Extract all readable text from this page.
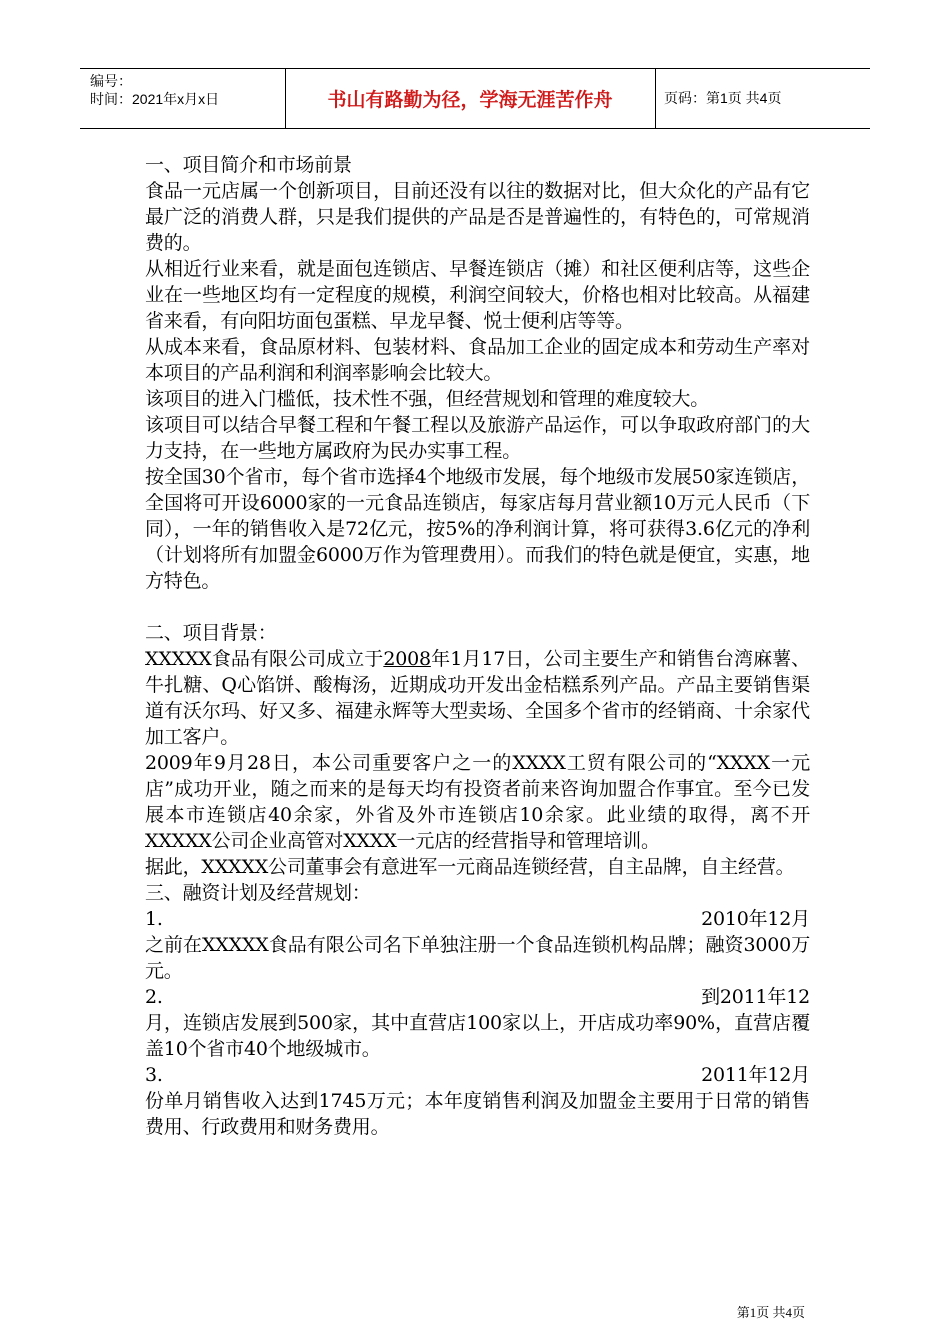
编号：
时间：2021年x月x日	书山有路勤为径，学海无涯苦作舟	页码：第1页 共4页

一、项目简介和市场前景

食品一元店属一个创新项目，目前还没有以往的数据对比，但大众化的产品有它最广泛的消费人群，只是我们提供的产品是否是普遍性的，有特色的，可常规消费的。

从相近行业来看，就是面包连锁店、早餐连锁店（摊）和社区便利店等，这些企业在一些地区均有一定程度的规模，利润空间较大，价格也相对比较高。从福建省来看，有向阳坊面包蛋糕、早龙早餐、悦士便利店等等。

从成本来看，食品原材料、包装材料、食品加工企业的固定成本和劳动生产率对本项目的产品利润和利润率影响会比较大。

该项目的进入门槛低，技术性不强，但经营规划和管理的难度较大。

该项目可以结合早餐工程和午餐工程以及旅游产品运作，可以争取政府部门的大力支持，在一些地方属政府为民办实事工程。

按全国30个省市，每个省市选择4个地级市发展，每个地级市发展50家连锁店，全国将可开设6000家的一元食品连锁店，每家店每月营业额10万元人民币（下同），一年的销售收入是72亿元，按5%的净利润计算，将可获得3.6亿元的净利（计划将所有加盟金6000万作为管理费用）。而我们的特色就是便宜，实惠，地方特色。

二、项目背景：

XXXXX食品有限公司成立于2008年1月17日，公司主要生产和销售台湾麻薯、牛扎糖、Q心馅饼、酸梅汤，近期成功开发出金桔糕系列产品。产品主要销售渠道有沃尔玛、好又多、福建永辉等大型卖场、全国多个省市的经销商、十余家代加工客户。

2009年9月28日，本公司重要客户之一的XXXX工贸有限公司的“XXXX一元店”成功开业，随之而来的是每天均有投资者前来咨询加盟合作事宜。至今已发展本市连锁店40余家，外省及外市连锁店10余家。此业绩的取得，离不开XXXXX公司企业高管对XXXX一元店的经营指导和管理培训。

据此，XXXXX公司董事会有意进军一元商品连锁经营，自主品牌，自主经营。

三、融资计划及经营规划：

1.	2010年12月

之前在XXXXX食品有限公司名下单独注册一个食品连锁机构品牌；融资3000万元。

2.	到2011年12

月，连锁店发展到500家，其中直营店100家以上，开店成功率90%，直营店覆盖10个省市40个地级城市。

3.	2011年12月

份单月销售收入达到1745万元；本年度销售利润及加盟金主要用于日常的销售费用、行政费用和财务费用。

第1页 共4页
